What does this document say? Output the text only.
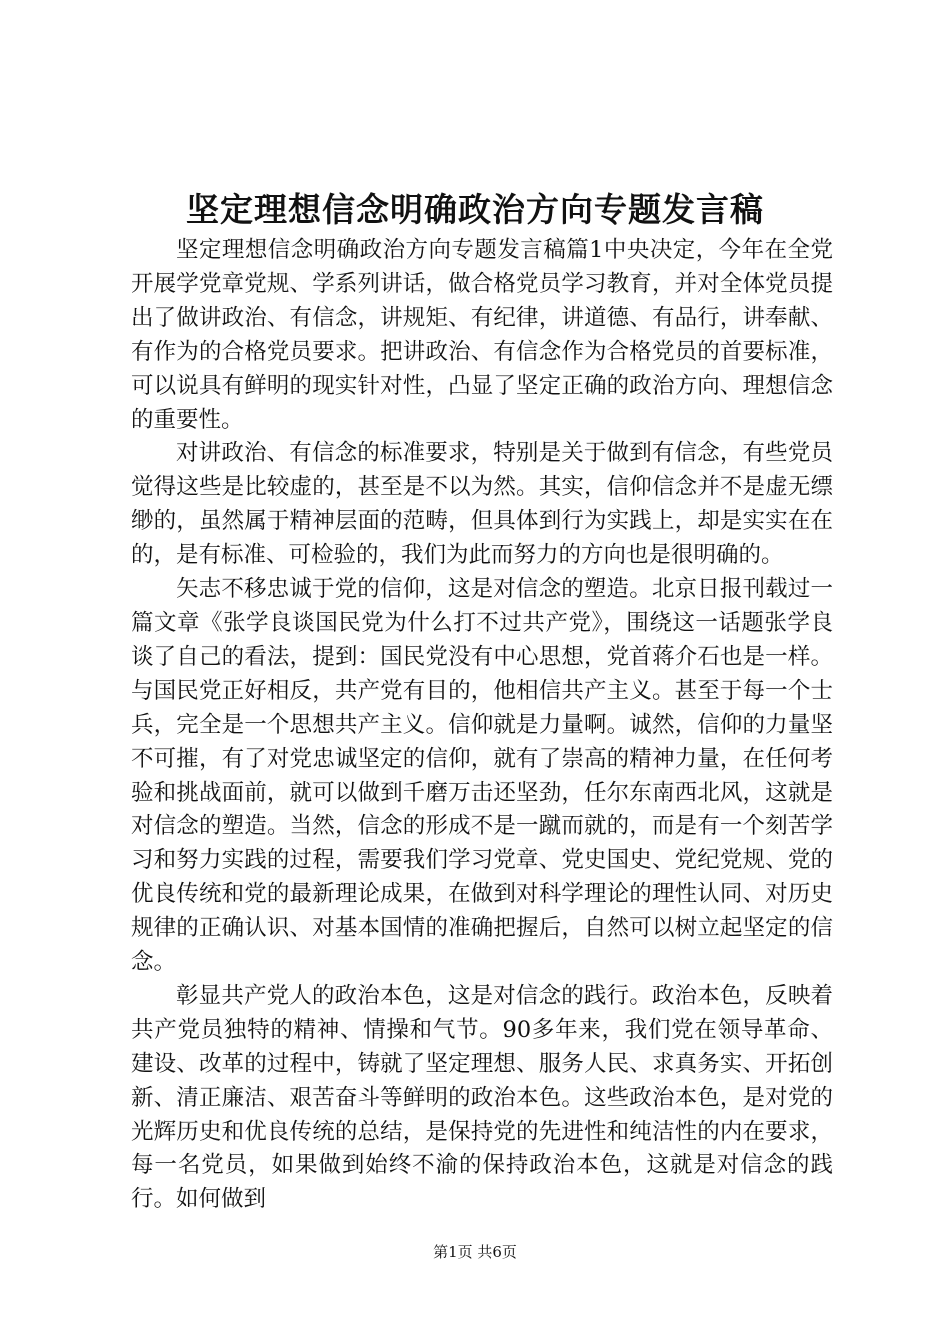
坚定理想信念明确政治方向专题发言稿

坚定理想信念明确政治方向专题发言稿篇1中央决定，今年在全党开展学党章党规、学系列讲话，做合格党员学习教育，并对全体党员提出了做讲政治、有信念，讲规矩、有纪律，讲道德、有品行，讲奉献、有作为的合格党员要求。把讲政治、有信念作为合格党员的首要标准，可以说具有鲜明的现实针对性，凸显了坚定正确的政治方向、理想信念的重要性。

对讲政治、有信念的标准要求，特别是关于做到有信念，有些党员觉得这些是比较虚的，甚至是不以为然。其实，信仰信念并不是虚无缥缈的，虽然属于精神层面的范畴，但具体到行为实践上，却是实实在在的，是有标准、可检验的，我们为此而努力的方向也是很明确的。

矢志不移忠诚于党的信仰，这是对信念的塑造。北京日报刊载过一篇文章《张学良谈国民党为什么打不过共产党》，围绕这一话题张学良谈了自己的看法，提到：国民党没有中心思想，党首蒋介石也是一样。与国民党正好相反，共产党有目的，他相信共产主义。甚至于每一个士兵，完全是一个思想共产主义。信仰就是力量啊。诚然，信仰的力量坚不可摧，有了对党忠诚坚定的信仰，就有了崇高的精神力量，在任何考验和挑战面前，就可以做到千磨万击还坚劲，任尔东南西北风，这就是对信念的塑造。当然，信念的形成不是一蹴而就的，而是有一个刻苦学习和努力实践的过程，需要我们学习党章、党史国史、党纪党规、党的优良传统和党的最新理论成果，在做到对科学理论的理性认同、对历史规律的正确认识、对基本国情的准确把握后，自然可以树立起坚定的信念。

彰显共产党人的政治本色，这是对信念的践行。政治本色，反映着共产党员独特的精神、情操和气节。90多年来，我们党在领导革命、建设、改革的过程中，铸就了坚定理想、服务人民、求真务实、开拓创新、清正廉洁、艰苦奋斗等鲜明的政治本色。这些政治本色，是对党的光辉历史和优良传统的总结，是保持党的先进性和纯洁性的内在要求，每一名党员，如果做到始终不渝的保持政治本色，这就是对信念的践行。如何做到

第1页 共6页
